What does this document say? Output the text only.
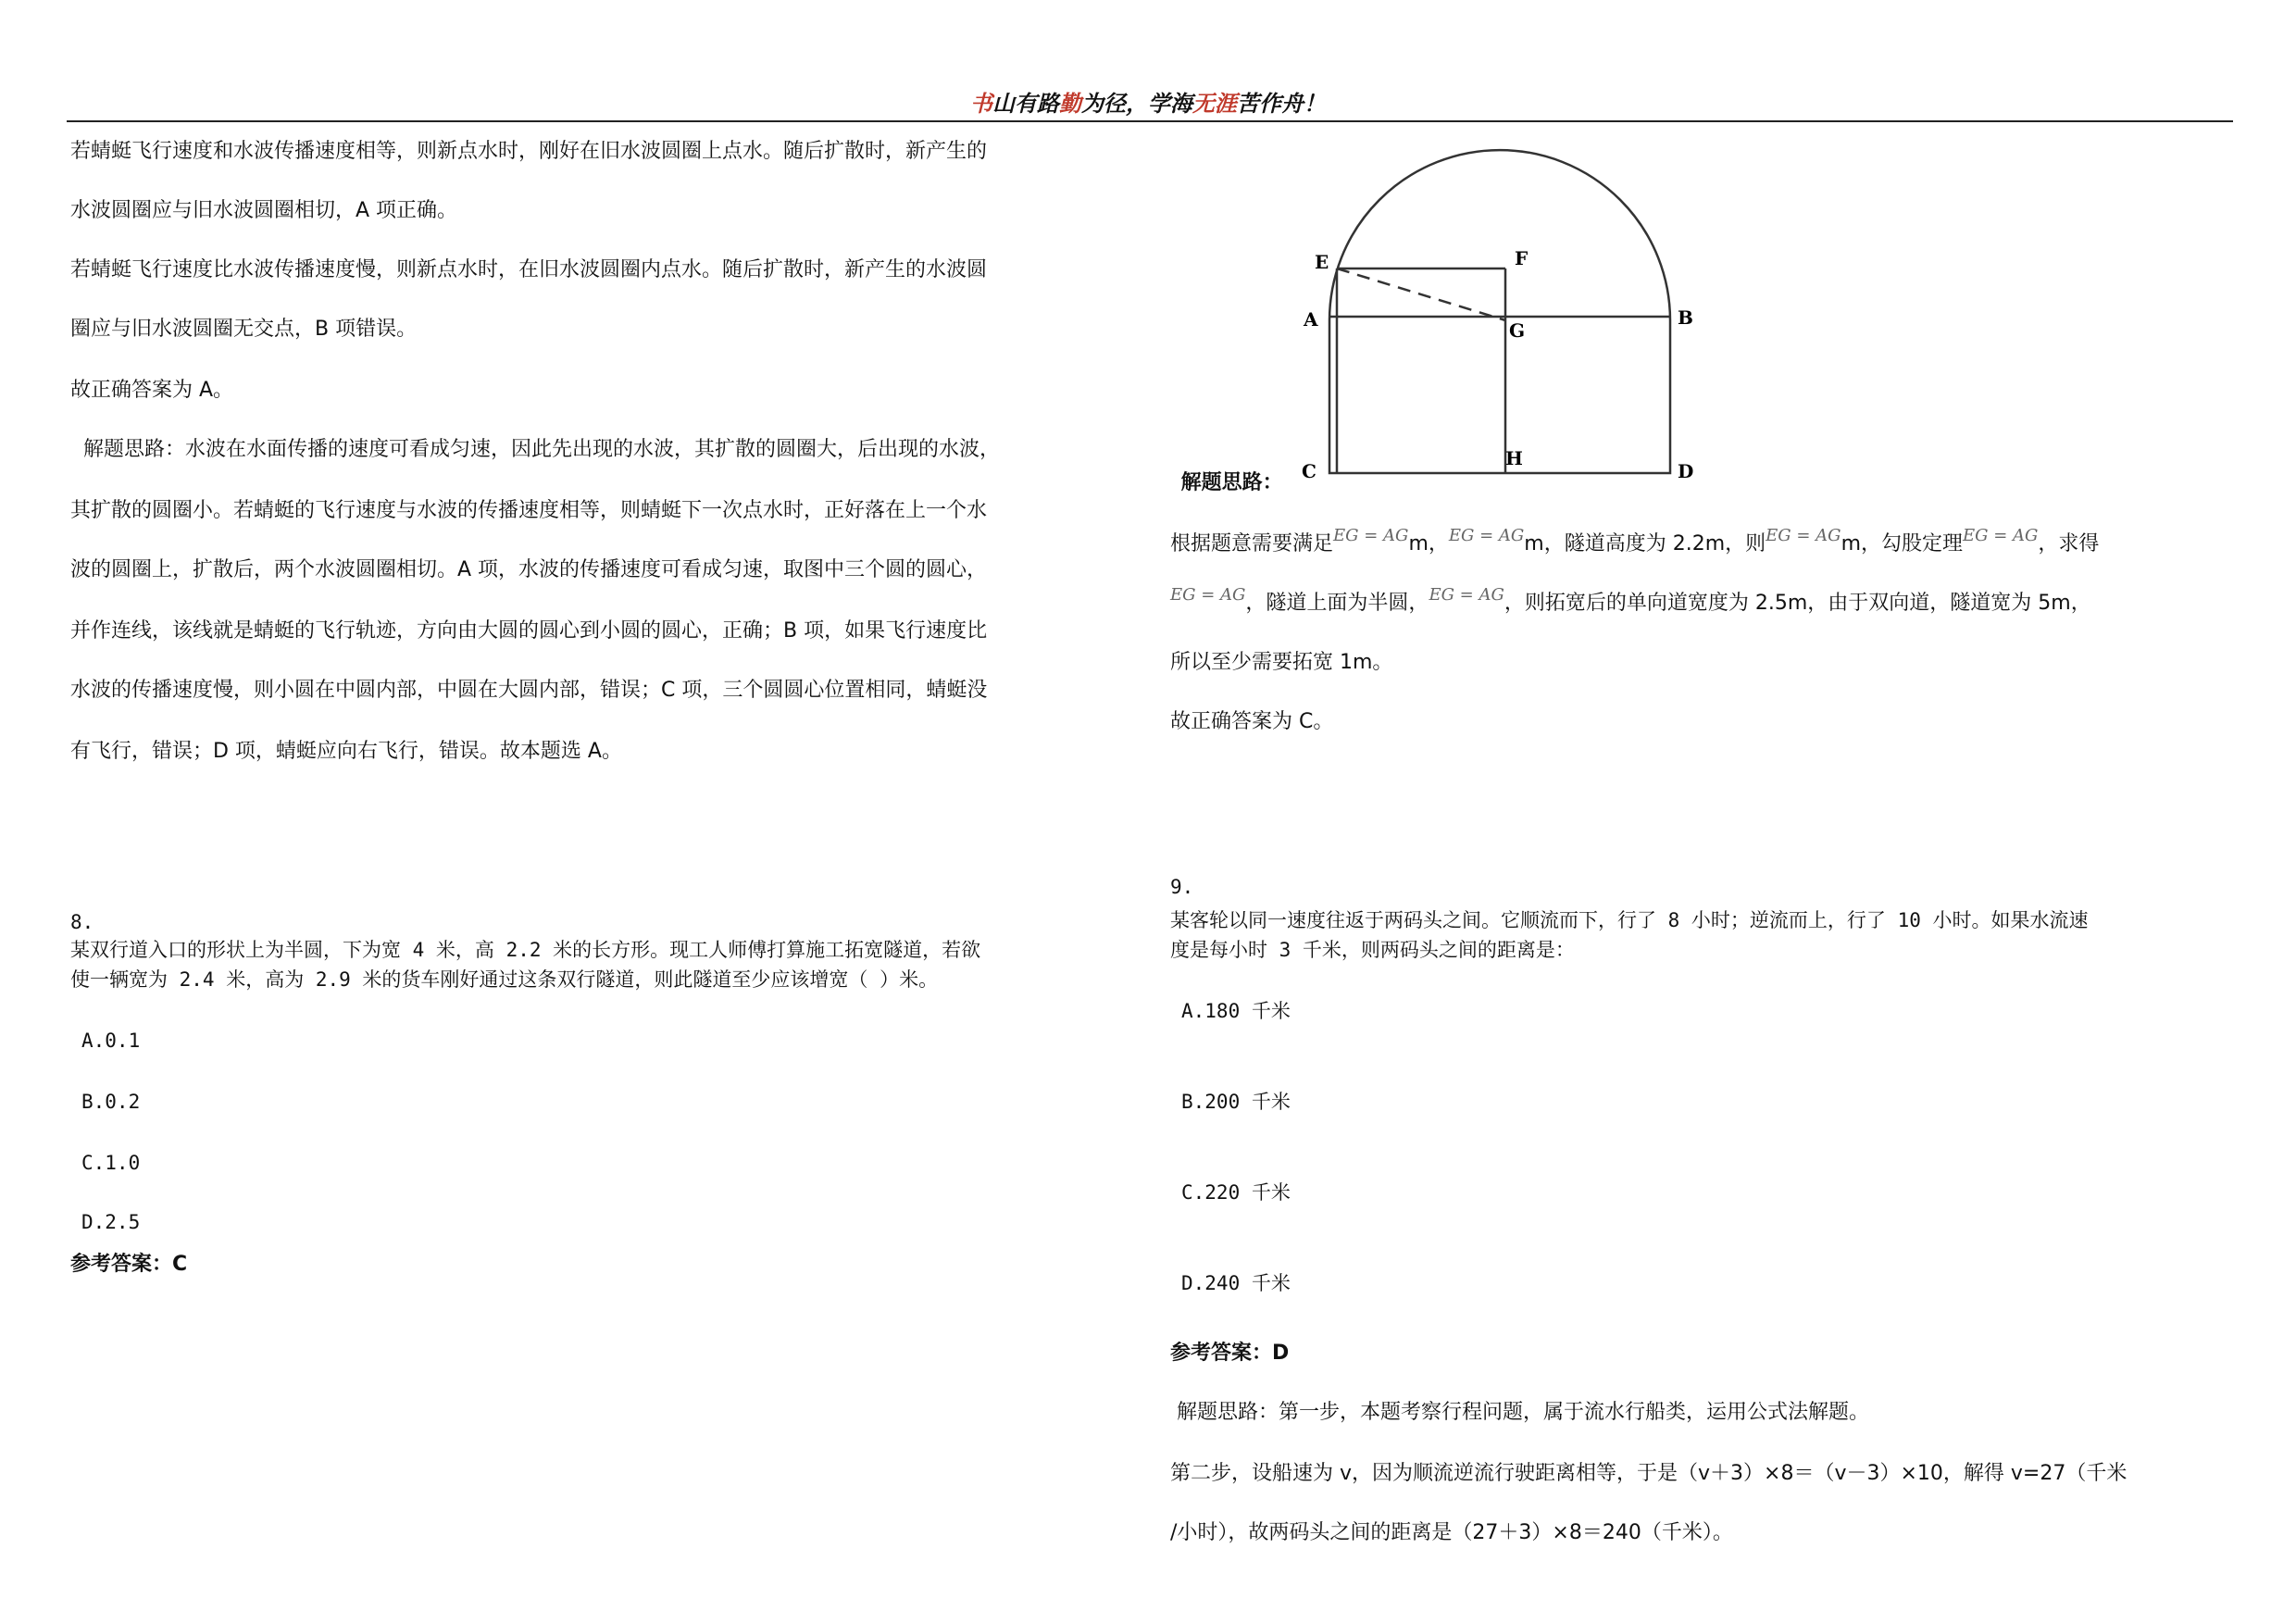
书山有路勤为径，学海无涯苦作舟！
若蜻蜓飞行速度和水波传播速度相等，则新点水时，刚好在旧水波圆圈上点水。随后扩散时，新产生的
水波圆圈应与旧水波圆圈相切，A 项正确。
若蜻蜓飞行速度比水波传播速度慢，则新点水时，在旧水波圆圈内点水。随后扩散时，新产生的水波圆
圈应与旧水波圆圈无交点，B 项错误。
故正确答案为 A。
解题思路：水波在水面传播的速度可看成匀速，因此先出现的水波，其扩散的圆圈大，后出现的水波，
其扩散的圆圈小。若蜻蜓的飞行速度与水波的传播速度相等，则蜻蜓下一次点水时，正好落在上一个水
波的圆圈上，扩散后，两个水波圆圈相切。A 项，水波的传播速度可看成匀速，取图中三个圆的圆心，
并作连线，该线就是蜻蜓的飞行轨迹，方向由大圆的圆心到小圆的圆心，正确；B 项，如果飞行速度比
水波的传播速度慢，则小圆在中圆内部，中圆在大圆内部，错误；C 项，三个圆圆心位置相同，蜻蜓没
有飞行，错误；D 项，蜻蜓应向右飞行，错误。故本题选 A。
8.
某双行道入口的形状上为半圆，下为宽 4 米，高 2.2 米的长方形。现工人师傅打算施工拓宽隧道，若欲
使一辆宽为 2.4 米，高为 2.9 米的货车刚好通过这条双行隧道，则此隧道至少应该增宽（ ）米。
A.0.1
B.0.2
C.1.0
D.2.5
参考答案：C
E	F
A	G
B
C
H
D
解题思路：
根据题意需要满足$^{EG = AG}$m，$^{EG = AG}$m，隧道高度为 2.2m，则$^{EG = AG}$m，勾股定理$^{EG = AG}$，求得
$^{EG = AG}$，隧道上面为半圆，$^{EG = AG}$，则拓宽后的单向道宽度为 2.5m，由于双向道，隧道宽为 5m，
所以至少需要拓宽 1m。
故正确答案为 C。
9.
某客轮以同一速度往返于两码头之间。它顺流而下，行了 8 小时；逆流而上，行了 10 小时。如果水流速
度是每小时 3 千米，则两码头之间的距离是：
A.180 千米
B.200 千米
C.220 千米
D.240 千米
参考答案：D
解题思路：第一步，本题考察行程问题，属于流水行船类，运用公式法解题。
第二步，设船速为 v，因为顺流逆流行驶距离相等，于是（v＋3）×8＝（v－3）×10，解得 v=27（千米
/小时），故两码头之间的距离是（27＋3）×8＝240（千米）。
